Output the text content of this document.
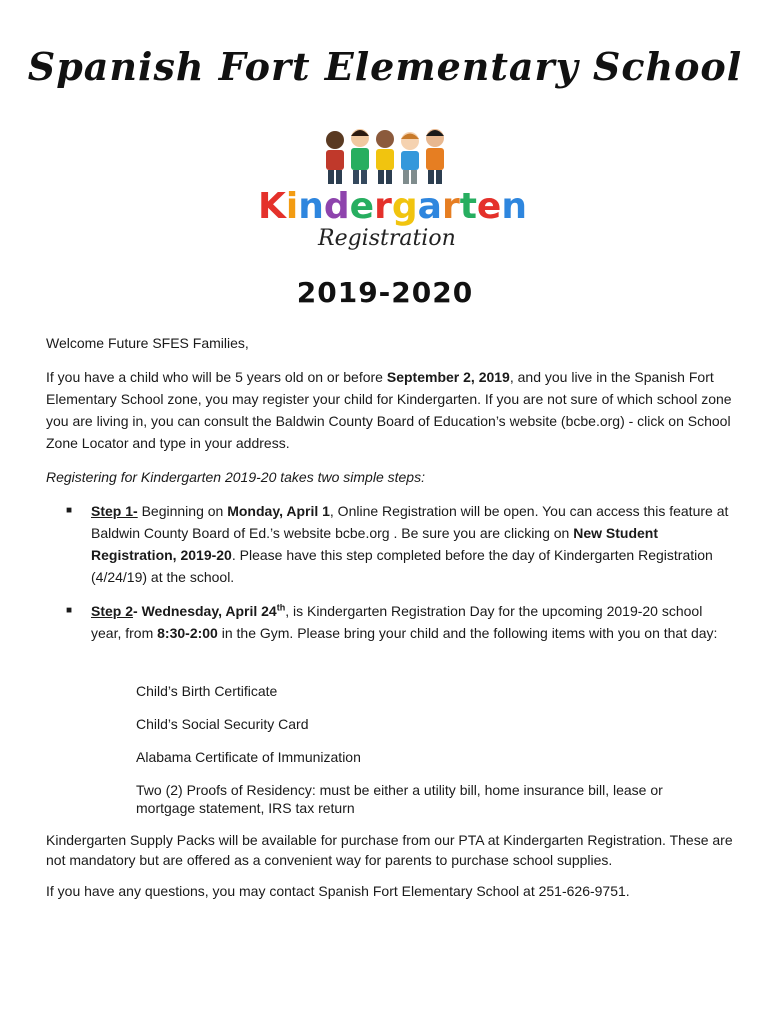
Spanish Fort Elementary School
Kindergarten
Registration
2019-2020
Welcome Future SFES Families,
If you have a child who will be 5 years old on or before September 2, 2019, and you live in the Spanish Fort Elementary School zone, you may register your child for Kindergarten. If you are not sure of which school zone you are living in, you can consult the Baldwin County Board of Education’s website (bcbe.org) - click on School Zone Locator and type in your address.
Registering for Kindergarten 2019-20 takes two simple steps:
■ Step 1- Beginning on Monday, April 1, Online Registration will be open. You can access this feature at Baldwin County Board of Ed.’s website bcbe.org . Be sure you are clicking on New Student Registration, 2019-20. Please have this step completed before the day of Kindergarten Registration (4/24/19) at the school.
■ Step 2- Wednesday, April 24th, is Kindergarten Registration Day for the upcoming 2019-20 school year, from 8:30-2:00 in the Gym. Please bring your child and the following items with you on that day:
Child’s Birth Certificate
Child’s Social Security Card
Alabama Certificate of Immunization
Two (2) Proofs of Residency: must be either a utility bill, home insurance bill, lease or mortgage statement, IRS tax return
Kindergarten Supply Packs will be available for purchase from our PTA at Kindergarten Registration. These are not mandatory but are offered as a convenient way for parents to purchase school supplies.
If you have any questions, you may contact Spanish Fort Elementary School at 251-626-9751.
